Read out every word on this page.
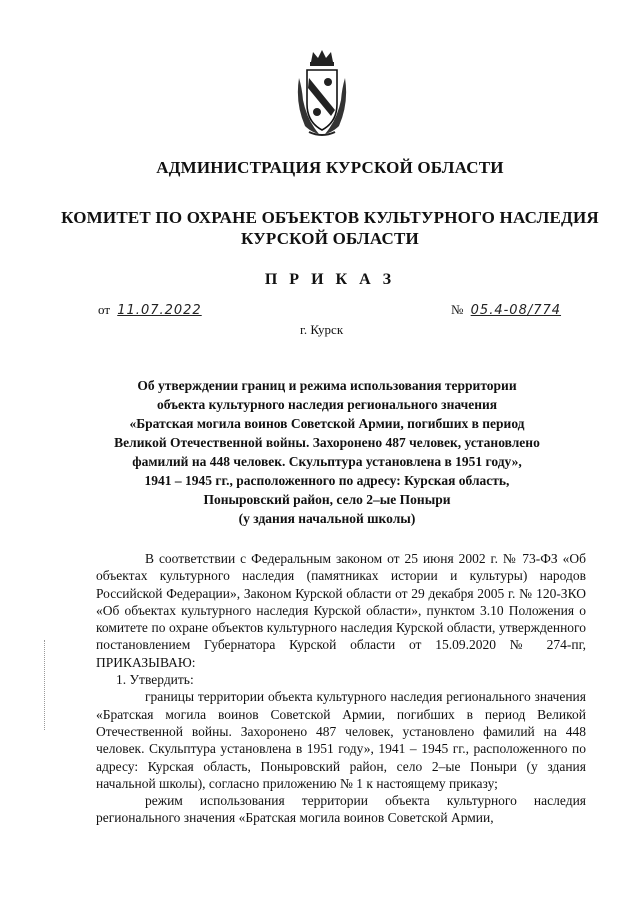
АДМИНИСТРАЦИЯ КУРСКОЙ ОБЛАСТИ
КОМИТЕТ ПО ОХРАНЕ ОБЪЕКТОВ КУЛЬТУРНОГО НАСЛЕДИЯ
КУРСКОЙ ОБЛАСТИ
П Р И К А З
от 11.07.2022	№ 05.4-08/774
г. Курск
Об утверждении границ и режима использования территории
объекта культурного наследия регионального значения
«Братская могила воинов Советской Армии, погибших в период
Великой Отечественной войны. Захоронено 487 человек, установлено
фамилий на 448 человек. Скульптура установлена в 1951 году»,
1941 – 1945 гг., расположенного по адресу: Курская область,
Поныровский район, село 2–ые Поныри
(у здания начальной школы)

В соответствии с Федеральным законом от 25 июня 2002 г. № 73-ФЗ «Об объектах культурного наследия (памятниках истории и культуры) народов Российской Федерации», Законом Курской области от 29 декабря 2005 г. № 120-ЗКО «Об объектах культурного наследия Курской области», пунктом 3.10 Положения о комитете по охране объектов культурного наследия Курской области, утвержденного постановлением Губернатора Курской области от 15.09.2020 № 274-пг, ПРИКАЗЫВАЮ:

1. Утвердить:

границы территории объекта культурного наследия регионального значения «Братская могила воинов Советской Армии, погибших в период Великой Отечественной войны. Захоронено 487 человек, установлено фамилий на 448 человек. Скульптура установлена в 1951 году», 1941 – 1945 гг., расположенного по адресу: Курская область, Поныровский район, село 2–ые Поныри (у здания начальной школы), согласно приложению № 1 к настоящему приказу;

режим использования территории объекта культурного наследия регионального значения «Братская могила воинов Советской Армии,
